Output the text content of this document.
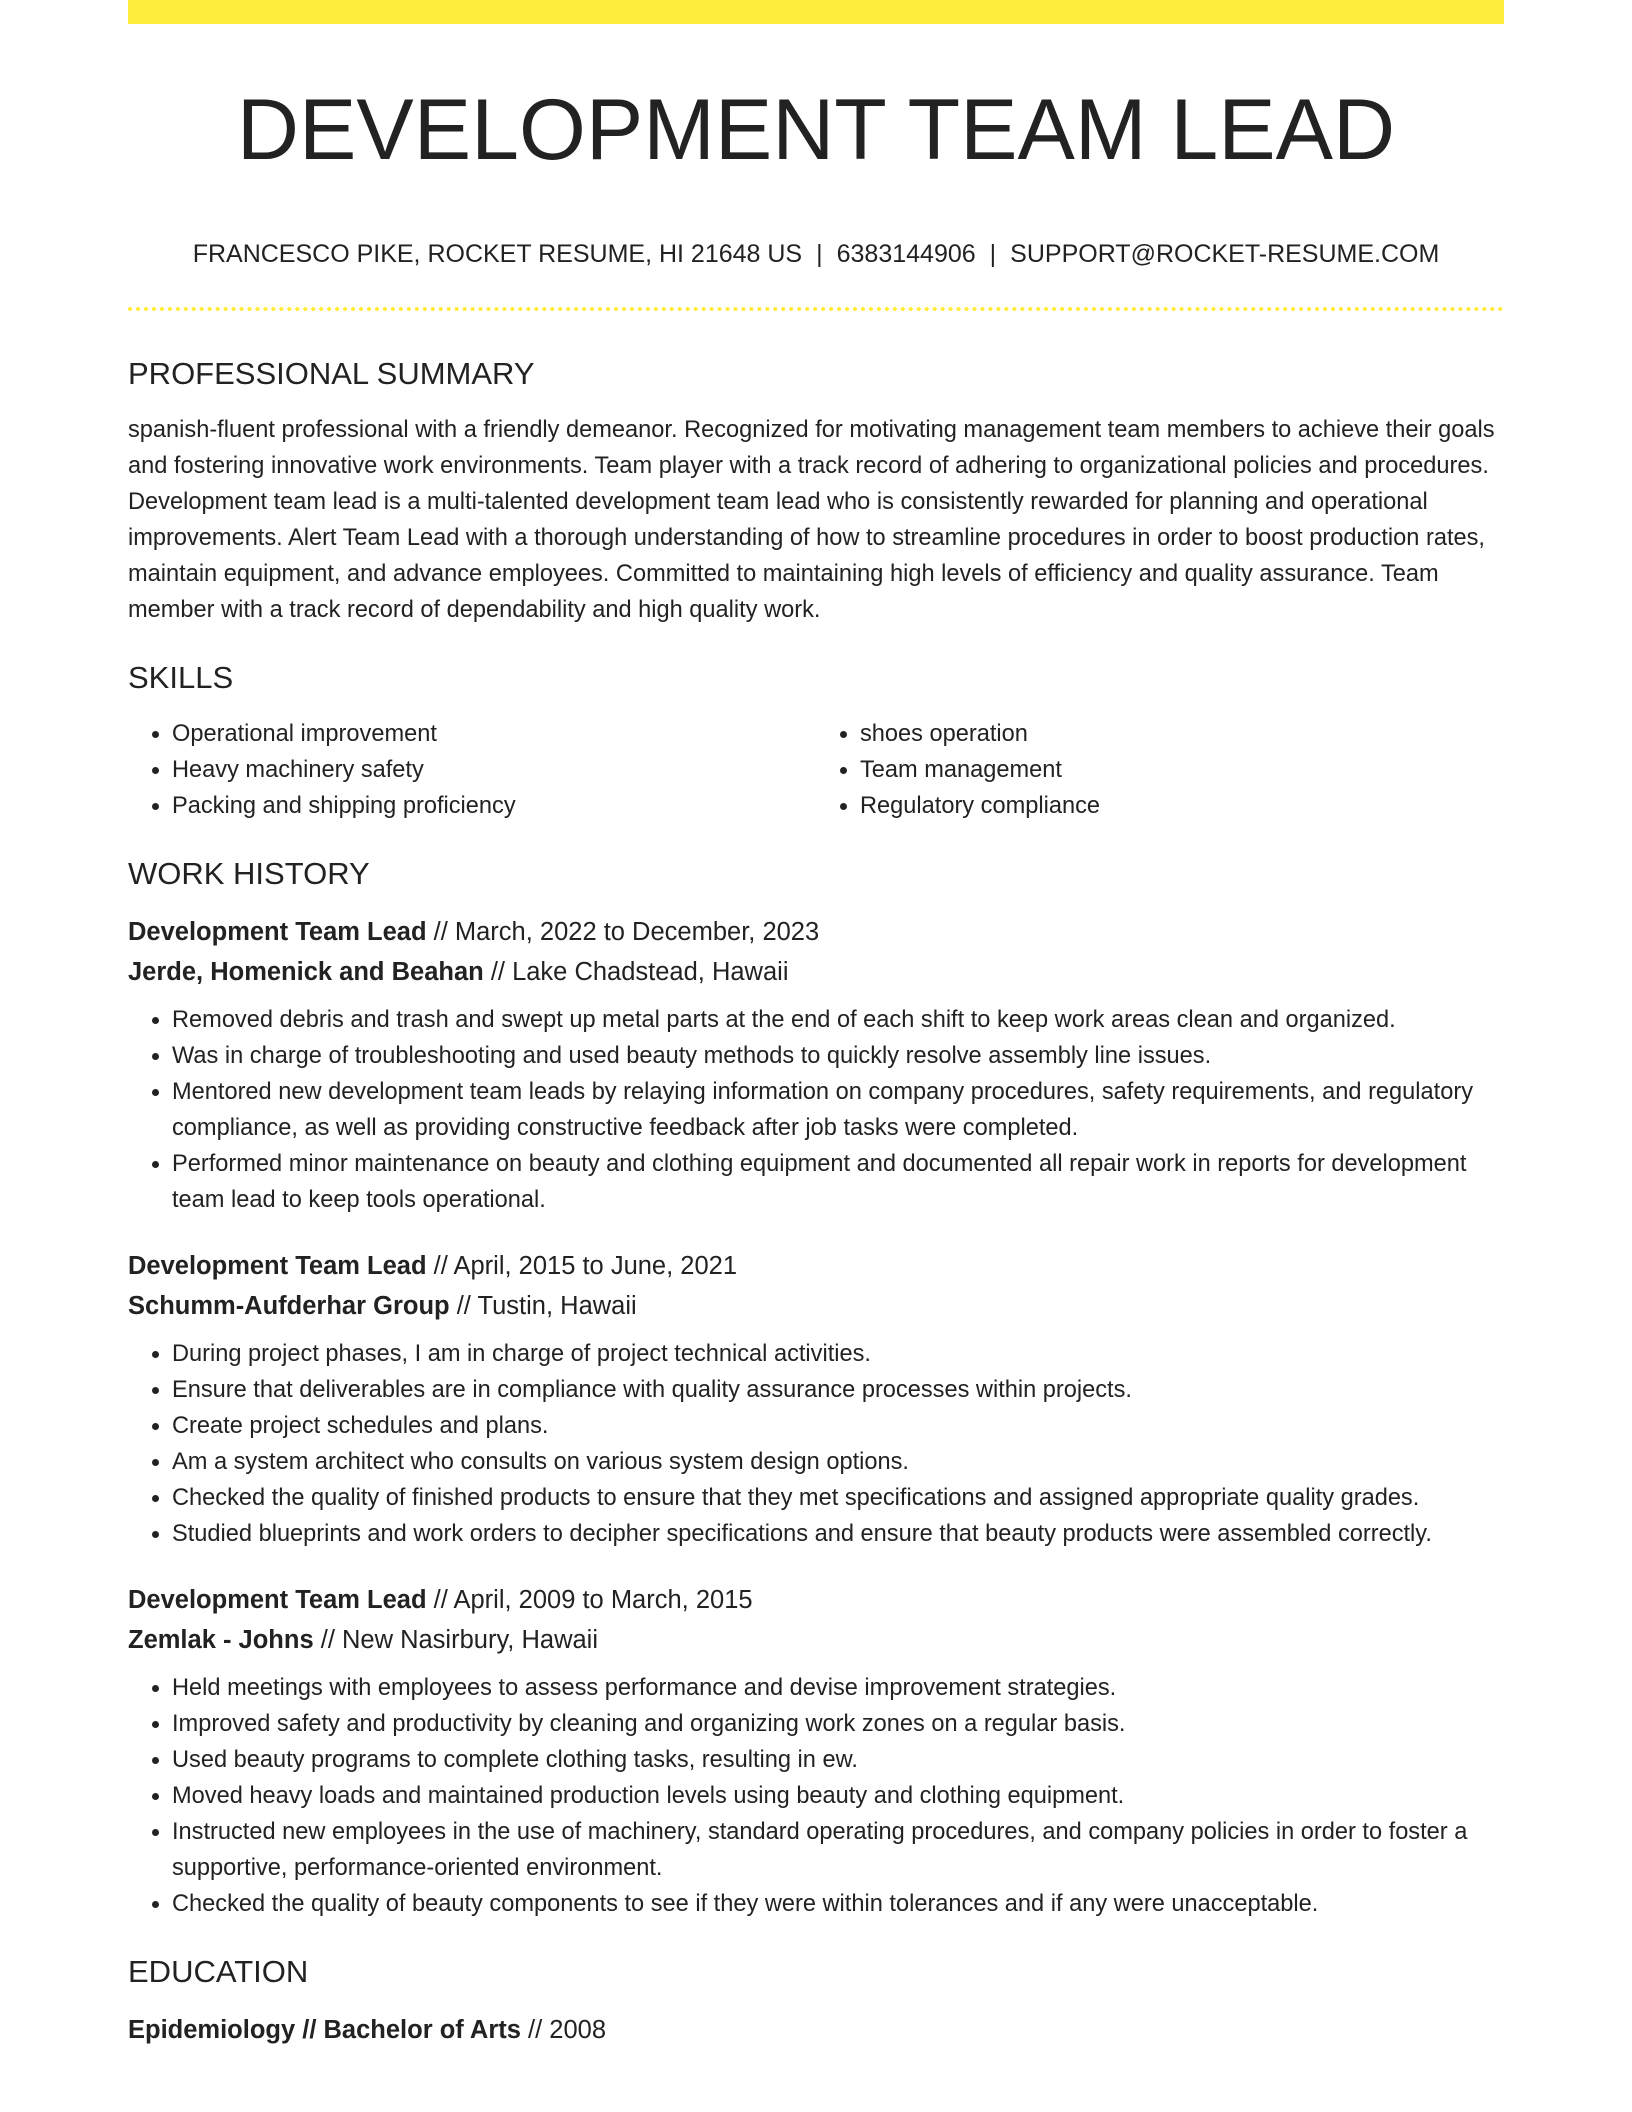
DEVELOPMENT TEAM LEAD
FRANCESCO PIKE, ROCKET RESUME, HI 21648 US | 6383144906 | SUPPORT@ROCKET-RESUME.COM
PROFESSIONAL SUMMARY

spanish-fluent professional with a friendly demeanor. Recognized for motivating management team members to achieve their goals and fostering innovative work environments. Team player with a track record of adhering to organizational policies and procedures. Development team lead is a multi-talented development team lead who is consistently rewarded for planning and operational improvements. Alert Team Lead with a thorough understanding of how to streamline procedures in order to boost production rates, maintain equipment, and advance employees. Committed to maintaining high levels of efficiency and quality assurance. Team member with a track record of dependability and high quality work.

SKILLS
• Operational improvement
• Heavy machinery safety
• Packing and shipping proficiency
• shoes operation
• Team management
• Regulatory compliance
WORK HISTORY
Development Team Lead // March, 2022 to December, 2023
Jerde, Homenick and Beahan // Lake Chadstead, Hawaii
• Removed debris and trash and swept up metal parts at the end of each shift to keep work areas clean and organized.
• Was in charge of troubleshooting and used beauty methods to quickly resolve assembly line issues.
• Mentored new development team leads by relaying information on company procedures, safety requirements, and regulatory compliance, as well as providing constructive feedback after job tasks were completed.
• Performed minor maintenance on beauty and clothing equipment and documented all repair work in reports for development team lead to keep tools operational.
Development Team Lead // April, 2015 to June, 2021
Schumm-Aufderhar Group // Tustin, Hawaii
• During project phases, I am in charge of project technical activities.
• Ensure that deliverables are in compliance with quality assurance processes within projects.
• Create project schedules and plans.
• Am a system architect who consults on various system design options.
• Checked the quality of finished products to ensure that they met specifications and assigned appropriate quality grades.
• Studied blueprints and work orders to decipher specifications and ensure that beauty products were assembled correctly.
Development Team Lead // April, 2009 to March, 2015
Zemlak - Johns // New Nasirbury, Hawaii
• Held meetings with employees to assess performance and devise improvement strategies.
• Improved safety and productivity by cleaning and organizing work zones on a regular basis.
• Used beauty programs to complete clothing tasks, resulting in ew.
• Moved heavy loads and maintained production levels using beauty and clothing equipment.
• Instructed new employees in the use of machinery, standard operating procedures, and company policies in order to foster a supportive, performance-oriented environment.
• Checked the quality of beauty components to see if they were within tolerances and if any were unacceptable.
EDUCATION
Epidemiology // Bachelor of Arts // 2008
